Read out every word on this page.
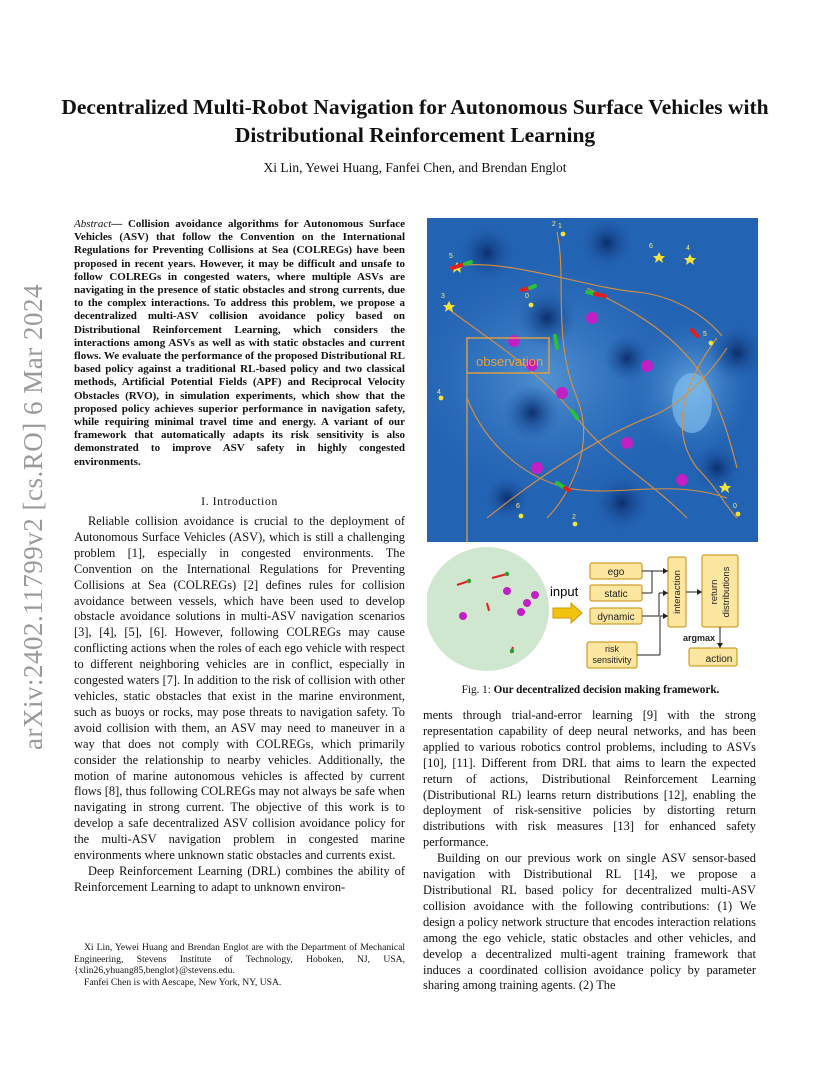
arXiv:2402.11799v2 [cs.RO] 6 Mar 2024
Decentralized Multi-Robot Navigation for Autonomous Surface Vehicles with Distributional Reinforcement Learning
Xi Lin, Yewei Huang, Fanfei Chen, and Brendan Englot
Abstract— Collision avoidance algorithms for Autonomous Surface Vehicles (ASV) that follow the Convention on the International Regulations for Preventing Collisions at Sea (COLREGs) have been proposed in recent years. However, it may be difficult and unsafe to follow COLREGs in congested waters, where multiple ASVs are navigating in the presence of static obstacles and strong currents, due to the complex interactions. To address this problem, we propose a decentralized multi-ASV collision avoidance policy based on Distributional Reinforcement Learning, which considers the interactions among ASVs as well as with static obstacles and current flows. We evaluate the performance of the proposed Distributional RL based policy against a traditional RL-based policy and two classical methods, Artificial Potential Fields (APF) and Reciprocal Velocity Obstacles (RVO), in simulation experiments, which show that the proposed policy achieves superior performance in navigation safety, while requiring minimal travel time and energy. A variant of our framework that automatically adapts its risk sensitivity is also demonstrated to improve ASV safety in highly congested environments.
I. Introduction

Reliable collision avoidance is crucial to the deployment of Autonomous Surface Vehicles (ASV), which is still a challenging problem [1], especially in congested environments. The Convention on the International Regulations for Preventing Collisions at Sea (COLREGs) [2] defines rules for collision avoidance between vessels, which have been used to develop obstacle avoidance solutions in multi-ASV navigation scenarios [3], [4], [5], [6]. However, following COLREGs may cause conflicting actions when the roles of each ego vehicle with respect to different neighboring vehicles are in conflict, especially in congested waters [7]. In addition to the risk of collision with other vehicles, static obstacles that exist in the marine environment, such as buoys or rocks, may pose threats to navigation safety. To avoid collision with them, an ASV may need to maneuver in a way that does not comply with COLREGs, which primarily consider the relationship to nearby vehicles. Additionally, the motion of marine autonomous vehicles is affected by current flows [8], thus following COLREGs may not always be safe when navigating in strong current. The objective of this work is to develop a safe decentralized ASV collision avoidance policy for the multi-ASV navigation problem in congested marine environments where unknown static obstacles and currents exist.

Deep Reinforcement Learning (DRL) combines the ability of Reinforcement Learning to adapt to unknown environ-

Xi Lin, Yewei Huang and Brendan Englot are with the Department of Mechanical Engineering, Stevens Institute of Technology, Hoboken, NJ, USA, {xlin26,yhuang85,benglot}@stevens.edu.

Fanfei Chen is with Aescape, New York, NY, USA.

observation
2 1
6	4
5
3	0
5
4
6
2
0
input
ego
static
dynamic
risk
sensitivity	action
argmax
interaction	return distributions
Fig. 1: Our decentralized decision making framework.

ments through trial-and-error learning [9] with the strong representation capability of deep neural networks, and has been applied to various robotics control problems, including to ASVs [10], [11]. Different from DRL that aims to learn the expected return of actions, Distributional Reinforcement Learning (Distributional RL) learns return distributions [12], enabling the deployment of risk-sensitive policies by distorting return distributions with risk measures [13] for enhanced safety performance.

Building on our previous work on single ASV sensor-based navigation with Distributional RL [14], we propose a Distributional RL based policy for decentralized multi-ASV collision avoidance with the following contributions: (1) We design a policy network structure that encodes interaction relations among the ego vehicle, static obstacles and other vehicles, and develop a decentralized multi-agent training framework that induces a coordinated collision avoidance policy by parameter sharing among training agents. (2) The
